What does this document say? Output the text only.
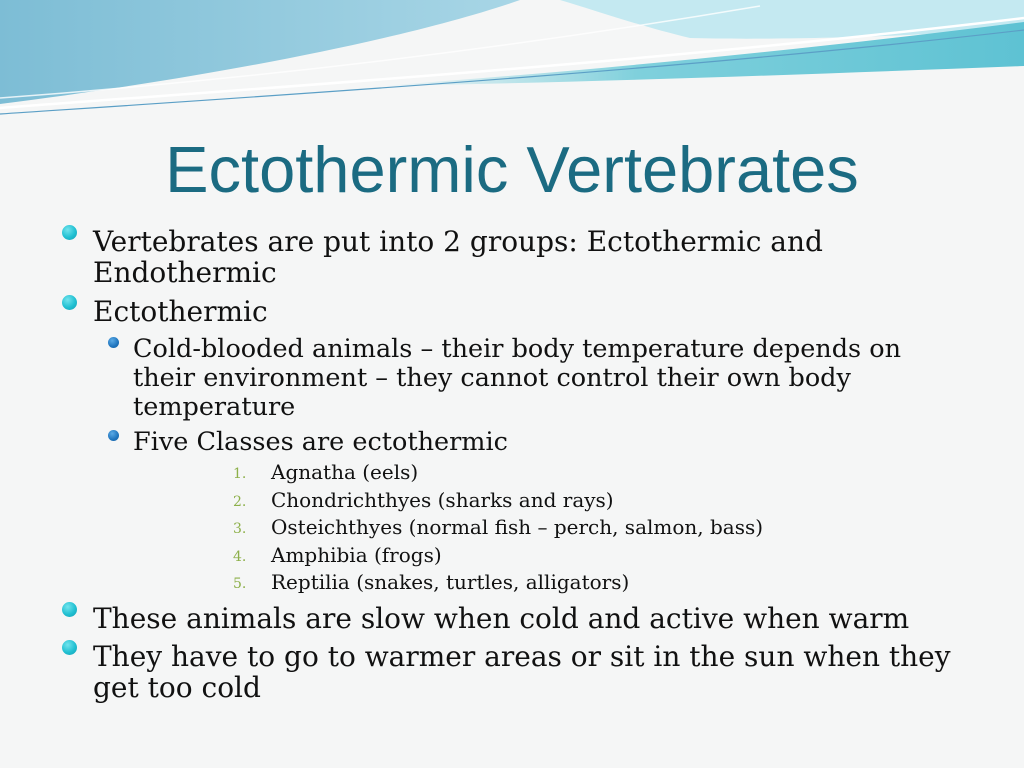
Ectothermic Vertebrates

Vertebrates are put into 2 groups: Ectothermic and Endothermic

Ectothermic

Cold-blooded animals – their body temperature depends on their environment – they cannot control their own body temperature

Five Classes are ectothermic

1. Agnatha (eels)

2. Chondrichthyes (sharks and rays)

3. Osteichthyes (normal fish – perch, salmon, bass)

4. Amphibia (frogs)

5. Reptilia (snakes, turtles, alligators)

These animals are slow when cold and active when warm

They have to go to warmer areas or sit in the sun when they get too cold
